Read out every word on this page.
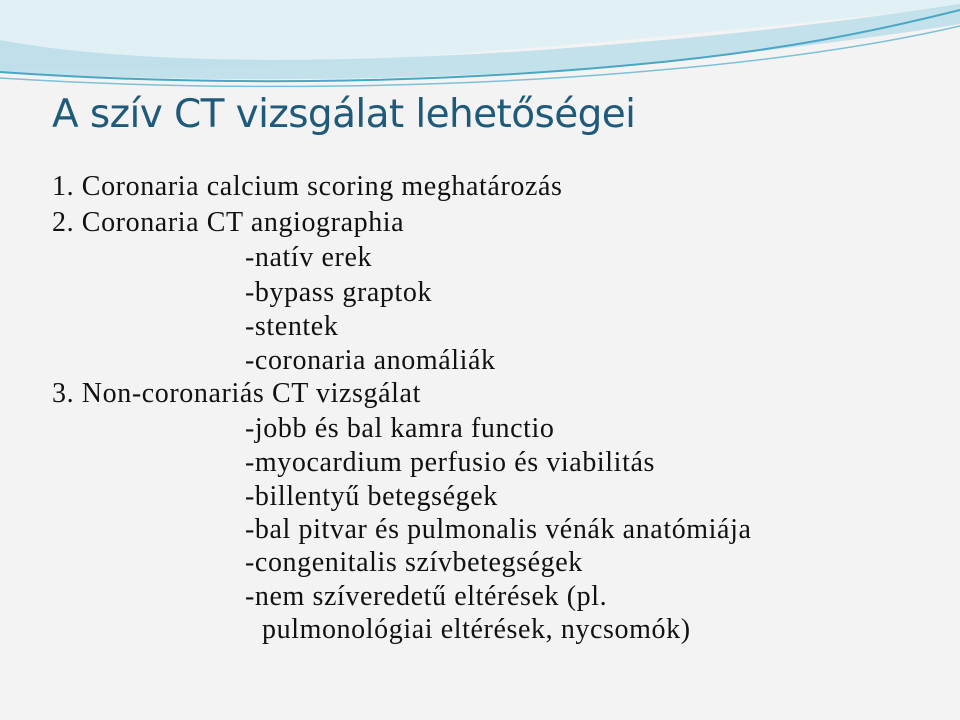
A szív CT vizsgálat lehetőségei

1. Coronaria calcium scoring meghatározás

2. Coronaria CT angiographia

-natív erek

-bypass graptok

-stentek

-coronaria anomáliák

3. Non-coronariás CT vizsgálat

-jobb és bal kamra functio

-myocardium perfusio és viabilitás

-billentyű betegségek

-bal pitvar és pulmonalis vénák anatómiája

-congenitalis szívbetegségek

-nem szíveredetű eltérések (pl.

pulmonológiai eltérések, nycsomók)
